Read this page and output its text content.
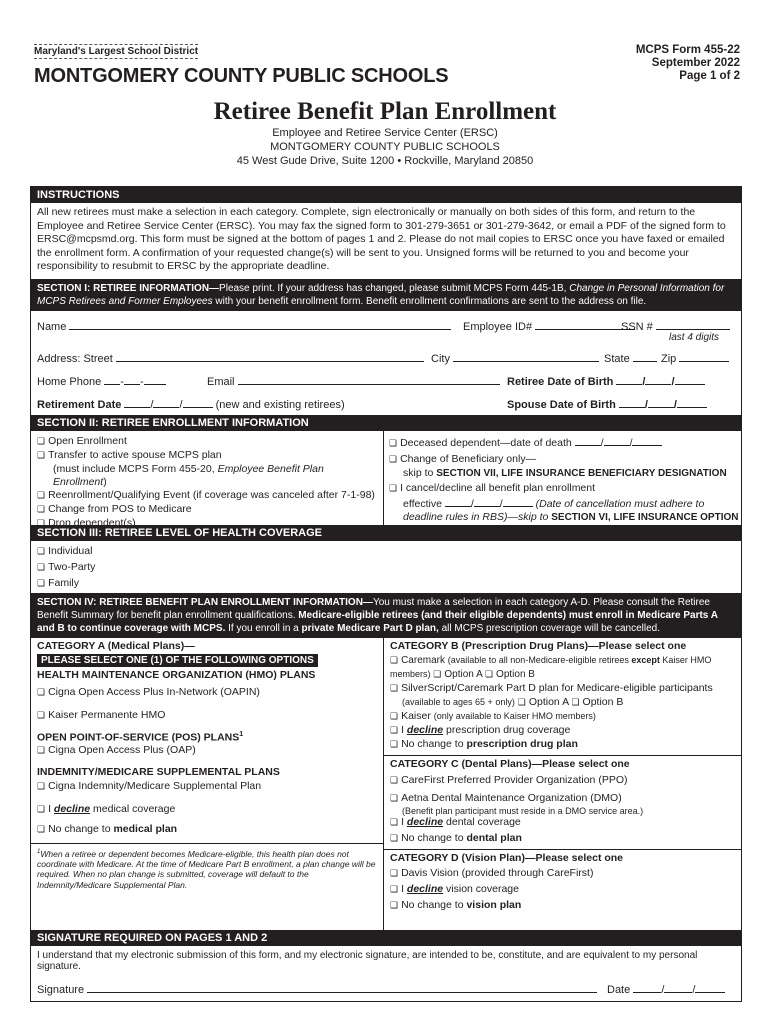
Maryland's Largest School District
MONTGOMERY COUNTY PUBLIC SCHOOLS
MCPS Form 455-22
September 2022
Page 1 of 2
Retiree Benefit Plan Enrollment
Employee and Retiree Service Center (ERSC)
MONTGOMERY COUNTY PUBLIC SCHOOLS
45 West Gude Drive, Suite 1200 • Rockville, Maryland 20850
INSTRUCTIONS
All new retirees must make a selection in each category. Complete, sign electronically or manually on both sides of this form, and return to the Employee and Retiree Service Center (ERSC). You may fax the signed form to 301-279-3651 or 301-279-3642, or email a PDF of the signed form to ERSC@mcpsmd.org. This form must be signed at the bottom of pages 1 and 2. Please do not mail copies to ERSC once you have faxed or emailed the enrollment form. A confirmation of your requested change(s) will be sent to you. Unsigned forms will be returned to you and become your responsibility to resubmit to ERSC by the appropriate deadline.
SECTION I: RETIREE INFORMATION—Please print. If your address has changed, please submit MCPS Form 445-1B, Change in Personal Information for MCPS Retirees and Former Employees with your benefit enrollment form. Benefit enrollment confirmations are sent to the address on file.
Name	Employee ID#	SSN #
last 4 digits
Address: Street	City	State	Zip
Home Phone - -	Email	Retiree Date of Birth	/ /
Retirement Date	/ /	(new and existing retirees)	Spouse Date of Birth	/ /
SECTION II: RETIREE ENROLLMENT INFORMATION
❏ Open Enrollment
❏ Transfer to active spouse MCPS plan
(must include MCPS Form 455-20, Employee Benefit Plan Enrollment)
❏ Reenrollment/Qualifying Event (if coverage was canceled after 7-1-98)
❏ Change from POS to Medicare
❏ Drop dependent(s)
❏ Deceased dependent—date of death	/ /
❏ Change of Beneficiary only—
skip to SECTION VII, LIFE INSURANCE BENEFICIARY DESIGNATION
❏ I cancel/decline all benefit plan enrollment
effective	/ /	(Date of cancellation must adhere to
deadline rules in RBS)—skip to SECTION VI, LIFE INSURANCE OPTION
SECTION III: RETIREE LEVEL OF HEALTH COVERAGE
❏ Individual
❏ Two-Party
❏ Family
SECTION IV: RETIREE BENEFIT PLAN ENROLLMENT INFORMATION—You must make a selection in each category A-D. Please consult the Retiree Benefit Summary for benefit plan enrollment qualifications. Medicare-eligible retirees (and their eligible dependents) must enroll in Medicare Parts A and B to continue coverage with MCPS. If you enroll in a private Medicare Part D plan, all MCPS prescription coverage will be cancelled.
CATEGORY A (Medical Plans)—
PLEASE SELECT ONE (1) OF THE FOLLOWING OPTIONS
HEALTH MAINTENANCE ORGANIZATION (HMO) PLANS
❏ Cigna Open Access Plus In-Network (OAPIN)
❏ Kaiser Permanente HMO
OPEN POINT-OF-SERVICE (POS) PLANS$^1$
❏ Cigna Open Access Plus (OAP)
INDEMNITY/MEDICARE SUPPLEMENTAL PLANS
❏ Cigna Indemnity/Medicare Supplemental Plan
❏ I decline medical coverage
❏ No change to medical plan
$^1$When a retiree or dependent becomes Medicare-eligible, this health plan does not coordinate with Medicare. At the time of Medicare Part B enrollment, a plan change will be required. When no plan change is submitted, coverage will default to the Indemnity/Medicare Supplemental Plan.
CATEGORY B (Prescription Drug Plans)—Please select one
❏ Caremark (available to all non-Medicare-eligible retirees except Kaiser HMO members) ❏ Option A ❏ Option B
❏ SilverScript/Caremark Part D plan for Medicare-eligible participants
(available to ages 65 + only) ❏ Option A ❏ Option B
❏ Kaiser (only available to Kaiser HMO members)
❏ I decline prescription drug coverage
❏ No change to prescription drug plan
CATEGORY C (Dental Plans)—Please select one
❏ CareFirst Preferred Provider Organization (PPO)
❏ Aetna Dental Maintenance Organization (DMO)
(Benefit plan participant must reside in a DMO service area.)
❏ I decline dental coverage
❏ No change to dental plan
CATEGORY D (Vision Plan)—Please select one
❏ Davis Vision (provided through CareFirst)
❏ I decline vision coverage
❏ No change to vision plan
SIGNATURE REQUIRED ON PAGES 1 AND 2
I understand that my electronic submission of this form, and my electronic signature, are intended to be, constitute, and are equivalent to my personal signature.
Signature	Date	/	/
